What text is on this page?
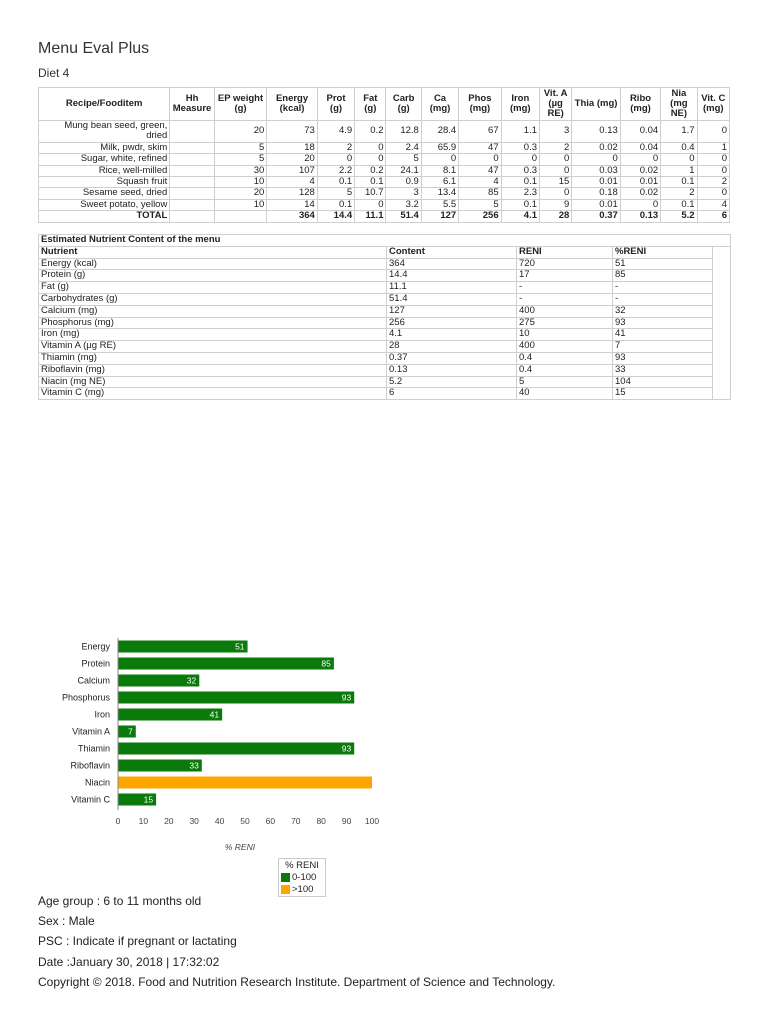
Menu Eval Plus
Diet 4
Recipe/Fooditem	Hh Measure	EP weight (g)	Energy (kcal)	Prot (g)	Fat (g)	Carb (g)	Ca (mg)	Phos (mg)	Iron (mg)	Vit. A (µg RE)	Thia (mg)	Ribo (mg)	Nia (mg NE)	Vit. C (mg)
Mung bean seed, green, dried		20	73	4.9	0.2	12.8	28.4	67	1.1	3	0.13	0.04	1.7	0
Milk, pwdr, skim		5	18	2	0	2.4	65.9	47	0.3	2	0.02	0.04	0.4	1
Sugar, white, refined		5	20	0	0	5	0	0	0	0	0	0	0	0
Rice, well-milled		30	107	2.2	0.2	24.1	8.1	47	0.3	0	0.03	0.02	1	0
Squash fruit		10	4	0.1	0.1	0.9	6.1	4	0.1	15	0.01	0.01	0.1	2
Sesame seed, dried		20	128	5	10.7	3	13.4	85	2.3	0	0.18	0.02	2	0
Sweet potato, yellow		10	14	0.1	0	3.2	5.5	5	0.1	9	0.01	0	0.1	4
TOTAL			364	14.4	11.1	51.4	127	256	4.1	28	0.37	0.13	5.2	6
Estimated Nutrient Content of the menu				
Nutrient	Content	RENI	%RENI	
Energy (kcal)	364	720	51	
Protein (g)	14.4	17	85	
Fat (g)	11.1	-	-	
Carbohydrates (g)	51.4	-	-	
Calcium (mg)	127	400	32	
Phosphorus (mg)	256	275	93	
Iron (mg)	4.1	10	41	
Vitamin A (µg RE)	28	400	7	
Thiamin (mg)	0.37	0.4	93	
Riboflavin (mg)	0.13	0.4	33	
Niacin (mg NE)	5.2	5	104	
Vitamin C (mg)	6	40	15	
Energy	51
Protein	85
Calcium	32
Phosphorus	93
Iron	41
Vitamin A 7
Thiamin	93
Riboflavin	33
Niacin
Vitamin C	15
0 10 20 30 40 50 60 70 80 90 100
% RENI
% RENI
0-100
>100
Age group : 6 to 11 months old
Sex : Male
PSC : Indicate if pregnant or lactating
Date :January 30, 2018 | 17:32:02
Copyright © 2018. Food and Nutrition Research Institute. Department of Science and Technology.
